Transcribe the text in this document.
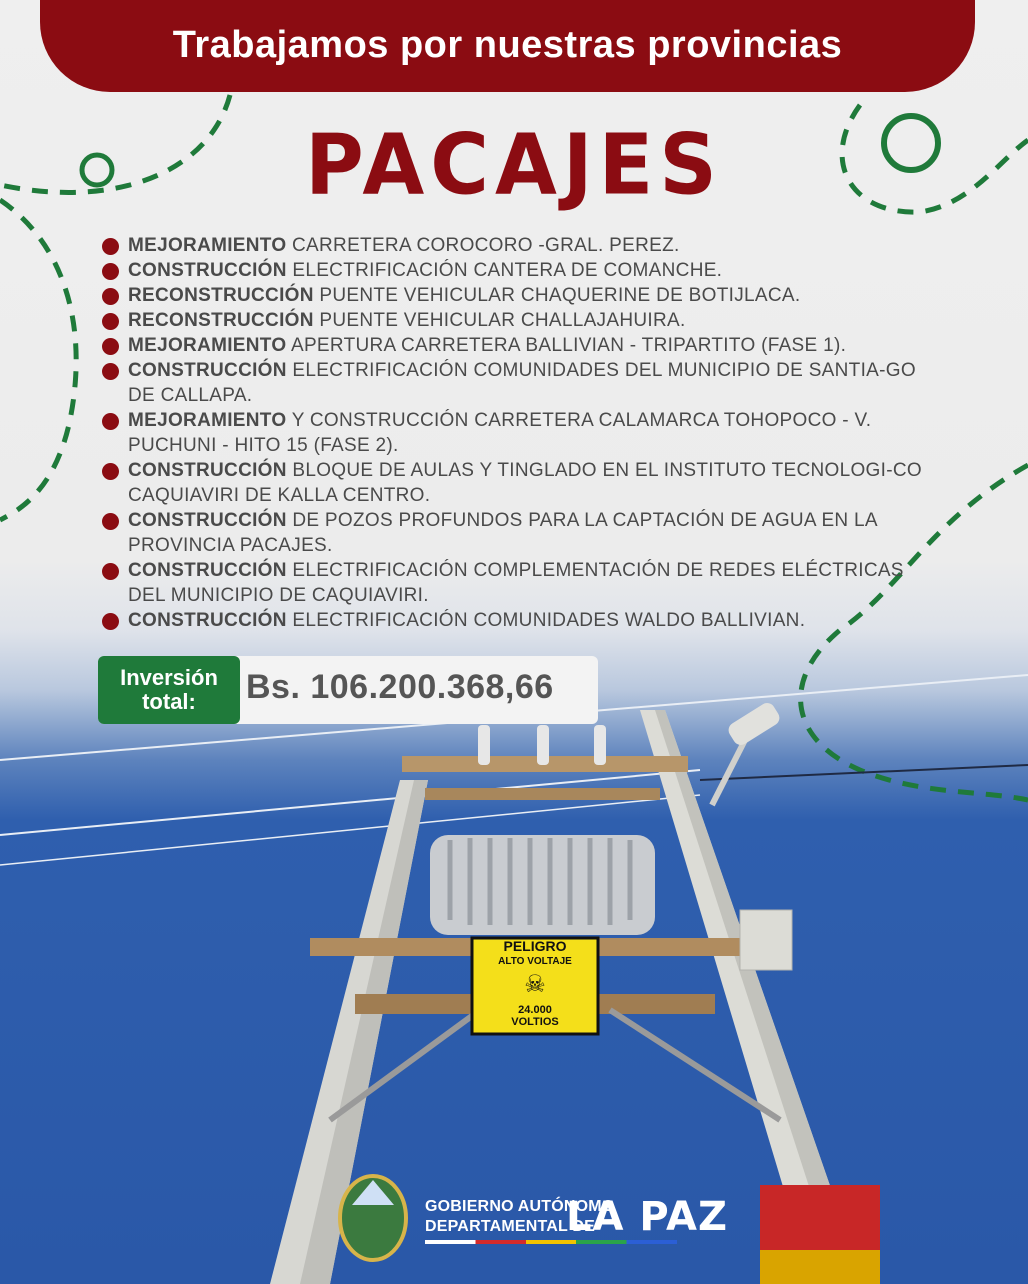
Trabajamos por nuestras provincias
PACAJES
MEJORAMIENTO CARRETERA COROCORO -GRAL. PEREZ.
CONSTRUCCIÓN ELECTRIFICACIÓN CANTERA DE COMANCHE.
RECONSTRUCCIÓN PUENTE VEHICULAR CHAQUERINE DE BOTIJLACA.
RECONSTRUCCIÓN PUENTE VEHICULAR CHALLAJAHUIRA.
MEJORAMIENTO APERTURA CARRETERA BALLIVIAN - TRIPARTITO (FASE 1).
CONSTRUCCIÓN ELECTRIFICACIÓN COMUNIDADES DEL MUNICIPIO DE SANTIA-GO DE CALLAPA.
MEJORAMIENTO Y CONSTRUCCIÓN CARRETERA CALAMARCA TOHOPOCO - V. PUCHUNI - HITO 15 (FASE 2).
CONSTRUCCIÓN BLOQUE DE AULAS Y TINGLADO EN EL INSTITUTO TECNOLOGI-CO CAQUIAVIRI DE KALLA CENTRO.
CONSTRUCCIÓN DE POZOS PROFUNDOS PARA LA CAPTACIÓN DE AGUA EN LA PROVINCIA PACAJES.
CONSTRUCCIÓN ELECTRIFICACIÓN COMPLEMENTACIÓN DE REDES ELÉCTRICAS DEL MUNICIPIO DE CAQUIAVIRI.
CONSTRUCCIÓN ELECTRIFICACIÓN COMUNIDADES WALDO BALLIVIAN.
PELIGRO
ALTO VOLTAJE
☠
24.000
VOLTIOS
Inversión
total:	Bs. 106.200.368,66
GOBIERNO AUTÓNOMO
DEPARTAMENTAL DE
LA PAZ
